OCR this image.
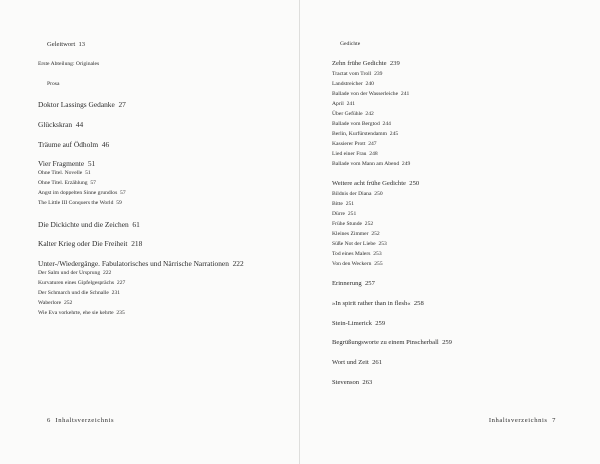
Geleitwort 13
Erste Abteilung: Originales
Prosa
Doktor Lassings Gedanke 27
Glückskran 44
Träume auf Ödholm 46
Vier Fragmente 51
Ohne Titel. Novelle 51
Ohne Titel. Erzählung 57
Angst im doppelten Sinne grundlos 57
The Little III Conquers the World 59
Die Dickichte und die Zeichen 61
Kalter Krieg oder Die Freiheit 218
Unter-/Wiedergänge. Fabulatorisches und Närrische Narrationen 222
Der Salm und der Ursprung 222
Kurvaturen eines Gipfelgesprächs 227
Der Schmarch und die Schnalle 231
Waberlore 252
Wie Eva vorkehrte, ehe sie kehrte 235
6 Inhaltsverzeichnis
Gedichte
Zehn frühe Gedichte 239
Tractat vom Troll 239
Landstreicher 240
Ballade von der Wasserleiche 241
April 241
Über Gefühle 242
Ballade vom Bergtod 244
Berlin, Kurfürstendamm 245
Kassierer Prott 247
Lied einer Frau 248
Ballade vom Mann am Abend 249
Weitere acht frühe Gedichte 250
Bildnis der Diana 250
Bitte 251
Dürre 251
Frühe Stunde 252
Kleines Zimmer 252
Süße Not der Liebe 253
Tod eines Malers 253
Von den Weckern 255
Erinnerung 257
»In spirit rather than in flesh« 258
Stein-Limerick 259
Begrüßungsworte zu einem Pinscherball 259
Wort und Zeit 261
Stevenson 263
Inhaltsverzeichnis 7
